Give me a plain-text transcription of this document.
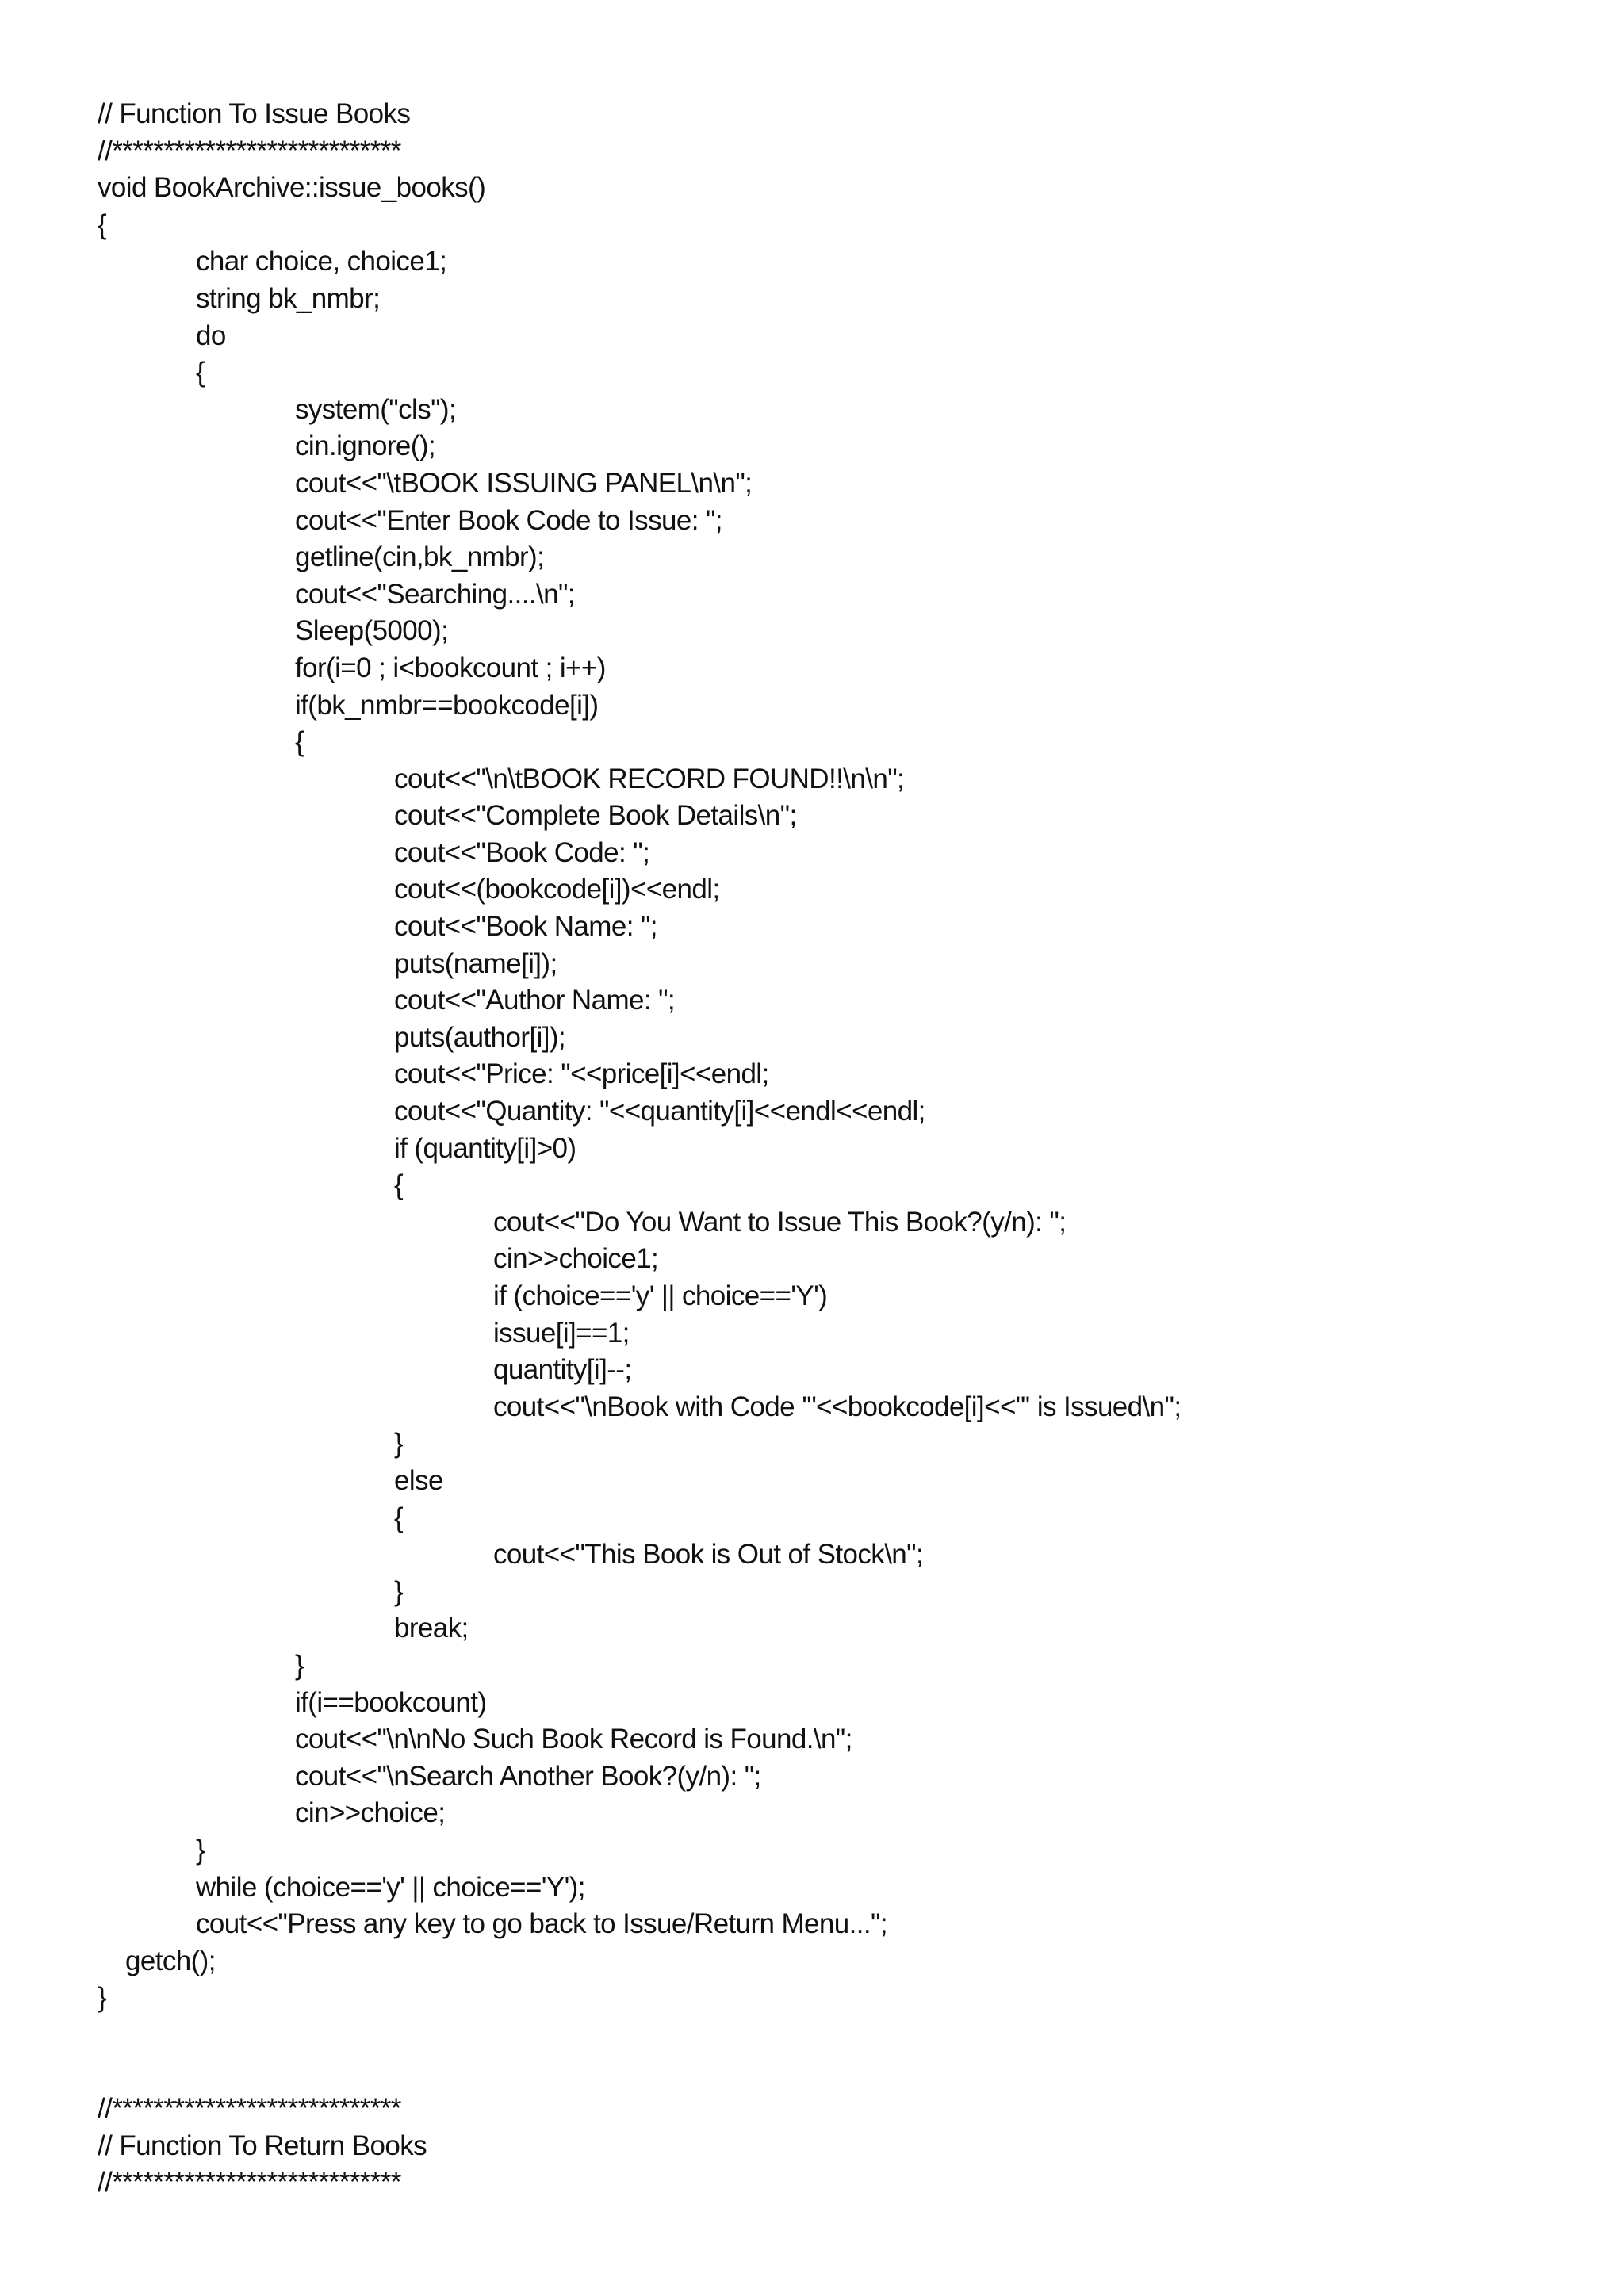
// Function To Issue Books
//****************************
void BookArchive::issue_books()
{
char choice, choice1;
string bk_nmbr;
do
{
system("cls");
cin.ignore();
cout<<"\tBOOK ISSUING PANEL\n\n";
cout<<"Enter Book Code to Issue: ";
getline(cin,bk_nmbr);
cout<<"Searching....\n";
Sleep(5000);
for(i=0 ; i<bookcount ; i++)
if(bk_nmbr==bookcode[i])
{
cout<<"\n\tBOOK RECORD FOUND!!\n\n";
cout<<"Complete Book Details\n";
cout<<"Book Code: ";
cout<<(bookcode[i])<<endl;
cout<<"Book Name: ";
puts(name[i]);
cout<<"Author Name: ";
puts(author[i]);
cout<<"Price: "<<price[i]<<endl;
cout<<"Quantity: "<<quantity[i]<<endl<<endl;
if (quantity[i]>0)
{
cout<<"Do You Want to Issue This Book?(y/n): ";
cin>>choice1;
if (choice=='y' || choice=='Y')
issue[i]==1;
quantity[i]--;
cout<<"\nBook with Code '"<<bookcode[i]<<"' is Issued\n";
}
else
{
cout<<"This Book is Out of Stock\n";
}
break;
}
if(i==bookcount)
cout<<"\n\nNo Such Book Record is Found.\n";
cout<<"\nSearch Another Book?(y/n): ";
cin>>choice;
}
while (choice=='y' || choice=='Y');
cout<<"Press any key to go back to Issue/Return Menu...";
getch();
}
//****************************
// Function To Return Books
//****************************
